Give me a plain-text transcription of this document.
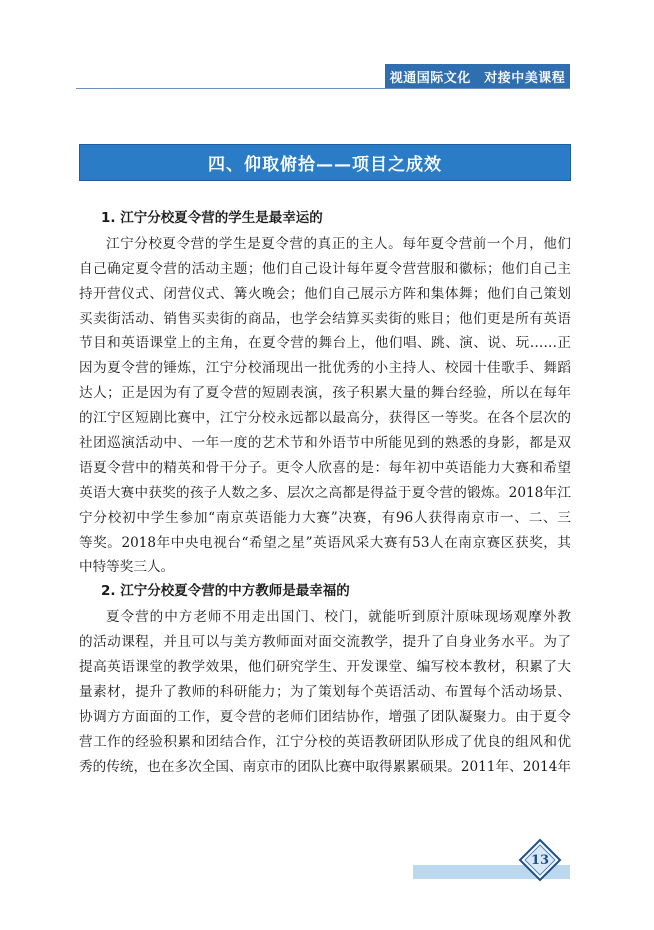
视通国际文化　对接中美课程
四、仰取俯拾——项目之成效
1. 江宁分校夏令营的学生是最幸运的
江宁分校夏令营的学生是夏令营的真正的主人。每年夏令营前一个月，他们
自己确定夏令营的活动主题；他们自己设计每年夏令营营服和徽标；他们自己主
持开营仪式、闭营仪式、篝火晚会；他们自己展示方阵和集体舞；他们自己策划
买卖街活动、销售买卖街的商品，也学会结算买卖街的账目；他们更是所有英语
节目和英语课堂上的主角，在夏令营的舞台上，他们唱、跳、演、说、玩……正
因为夏令营的锤炼，江宁分校涌现出一批优秀的小主持人、校园十佳歌手、舞蹈
达人；正是因为有了夏令营的短剧表演，孩子积累大量的舞台经验，所以在每年
的江宁区短剧比赛中，江宁分校永远都以最高分，获得区一等奖。在各个层次的
社团巡演活动中、一年一度的艺术节和外语节中所能见到的熟悉的身影，都是双
语夏令营中的精英和骨干分子。更令人欣喜的是：每年初中英语能力大赛和希望
英语大赛中获奖的孩子人数之多、层次之高都是得益于夏令营的锻炼。2018年江
宁分校初中学生参加“南京英语能力大赛”决赛，有96人获得南京市一、二、三
等奖。2018年中央电视台“希望之星”英语风采大赛有53人在南京赛区获奖，其
中特等奖三人。
2. 江宁分校夏令营的中方教师是最幸福的
夏令营的中方老师不用走出国门、校门，就能听到原汁原味现场观摩外教
的活动课程，并且可以与美方教师面对面交流教学，提升了自身业务水平。为了
提高英语课堂的教学效果，他们研究学生、开发课堂、编写校本教材，积累了大
量素材，提升了教师的科研能力；为了策划每个英语活动、布置每个活动场景、
协调方方面面的工作，夏令营的老师们团结协作，增强了团队凝聚力。由于夏令
营工作的经验积累和团结合作，江宁分校的英语教研团队形成了优良的组风和优
秀的传统，也在多次全国、南京市的团队比赛中取得累累硕果。2011年、2014年
13
